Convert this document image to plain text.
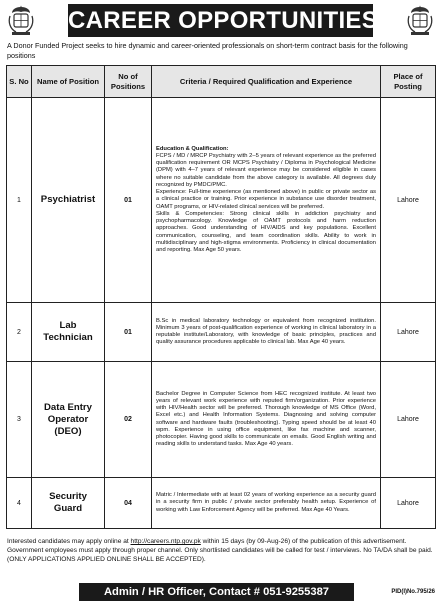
CAREER OPPORTUNITIES
A Donor Funded Project seeks to hire dynamic and career-oriented professionals on short-term contract basis for the following positions
S. No	Name of Position	No of Positions	Criteria / Required Qualification and Experience	Place of Posting
1	Psychiatrist	01	Education & Qualification:

FCPS / MD / MRCP Psychiatry with 2–5 years of relevant experience as the preferred qualification requirement OR MCPS Psychiatry / Diploma in Psychological Medicine (DPM) with 4–7 years of relevant experience may be considered eligible in cases where no suitable candidate from the above category is available. All degrees duly recognized by PMDC/PMC.

Experience: Full-time experience (as mentioned above) in public or private sector as a clinical practice or training. Prior experience in substance use disorder treatment, OAMT programs, or HIV-related clinical services will be preferred.

Skills & Competencies: Strong clinical skills in addiction psychiatry and psychopharmacology. Knowledge of OAMT protocols and harm reduction approaches. Good understanding of HIV/AIDS and key populations. Excellent communication, counseling, and team coordination skills. Ability to work in multidisciplinary and high-stigma environments. Proficiency in clinical documentation and reporting. Max Age 50 years.	Lahore
2	Lab Technician	01	B.Sc in medical laboratory technology or equivalent from recognized institution. Minimum 3 years of post-qualification experience of working in clinical laboratory in a reputable institute/Laboratory, with knowledge of basic principles, practices and quality assurance procedures applicable to clinical lab. Max Age 40 years.	Lahore
3	Data Entry Operator (DEO)	02	Bachelor Degree in Computer Science from HEC recognized institute. At least two years of relevant work experience with reputed firm/organization. Prior experience with HIV/Health sector will be preferred. Thorough knowledge of MS Office (Word, Excel etc.) and Health Information Systems. Diagnosing and solving computer software and hardware faults (troubleshooting). Typing speed should be at least 40 wpm. Experience in using office equipment, like fax machine and scanner, photocopier. Having good skills to communicate on emails. Good English writing and reading skills to understand tasks. Max Age 40 years.	Lahore
4	Security Guard	04	Matric / Intermediate with at least 02 years of working experience as a security guard in a security firm in public / private sector preferably health setup. Experience of working with Law Enforcement Agency will be preferred. Max Age 40 Years.	Lahore
Interested candidates may apply online at http://careers.ntp.gov.pk within 15 days (by 09-Aug-26) of the publication of this advertisement. Government employees must apply through proper channel. Only shortlisted candidates will be called for test / interviews. No TA/DA shall be paid. (ONLY APPLICATIONS APPLIED ONLINE SHALL BE ACCEPTED).
Admin / HR Officer, Contact # 051-9255387	PID(I)No.795/26
